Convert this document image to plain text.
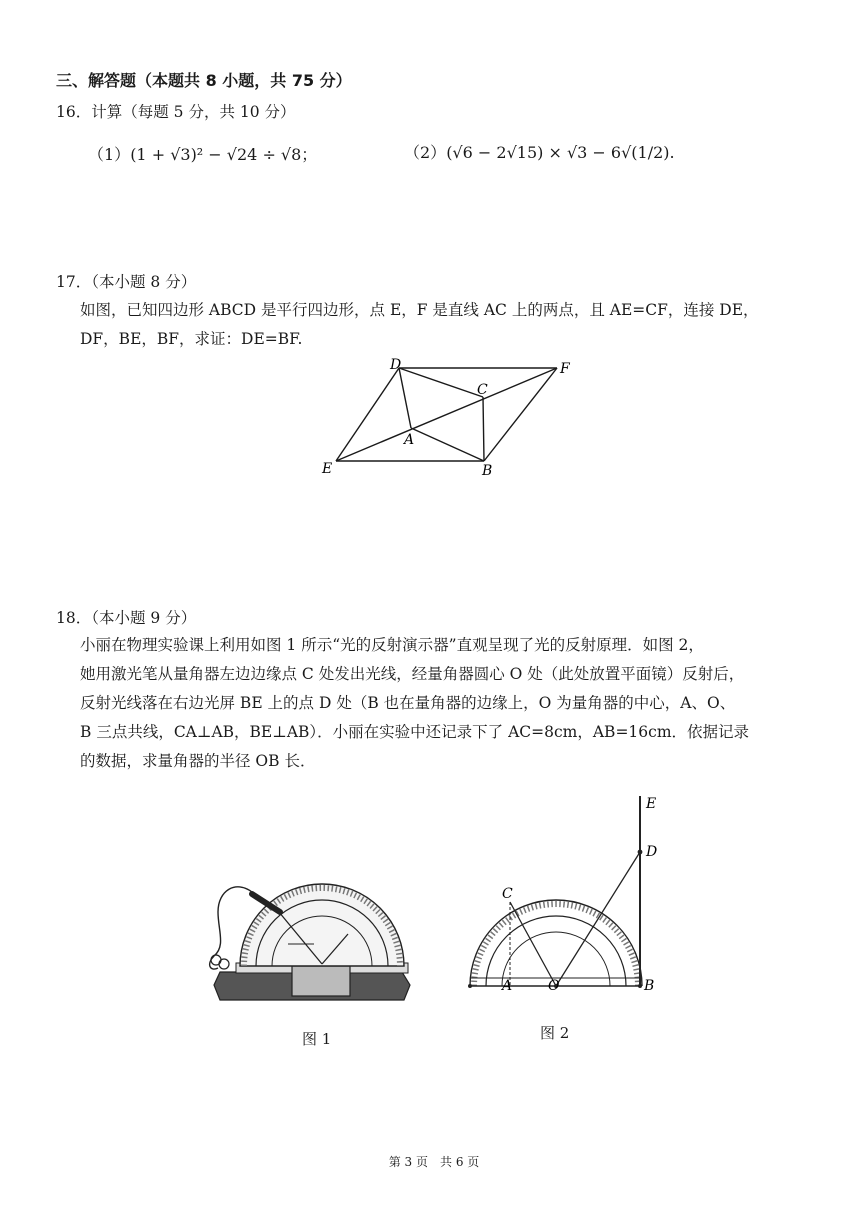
三、解答题（本题共 8 小题，共 75 分）
16．计算（每题 5 分，共 10 分）
（1）(1 + √3)² − √24 ÷ √8；	（2）(√6 − 2√15) × √3 − 6√(1/2).
17．（本小题 8 分）
如图，已知四边形 ABCD 是平行四边形，点 E，F 是直线 AC 上的两点，且 AE=CF，连接 DE，
DF，BE，BF，求证：DE=BF.
D	F
C
A
E	B
18．（本小题 9 分）
小丽在物理实验课上利用如图 1 所示“光的反射演示器”直观呈现了光的反射原理．如图 2，
她用激光笔从量角器左边边缘点 C 处发出光线，经量角器圆心 O 处（此处放置平面镜）反射后，
反射光线落在右边光屏 BE 上的点 D 处（B 也在量角器的边缘上，O 为量角器的中心，A、O、
B 三点共线，CA⊥AB，BE⊥AB）．小丽在实验中还记录下了 AC=8cm，AB=16cm．依据记录
的数据，求量角器的半径 OB 长．
图 1
E
D
C
A	O	B
图 2
第 3 页　共 6 页
